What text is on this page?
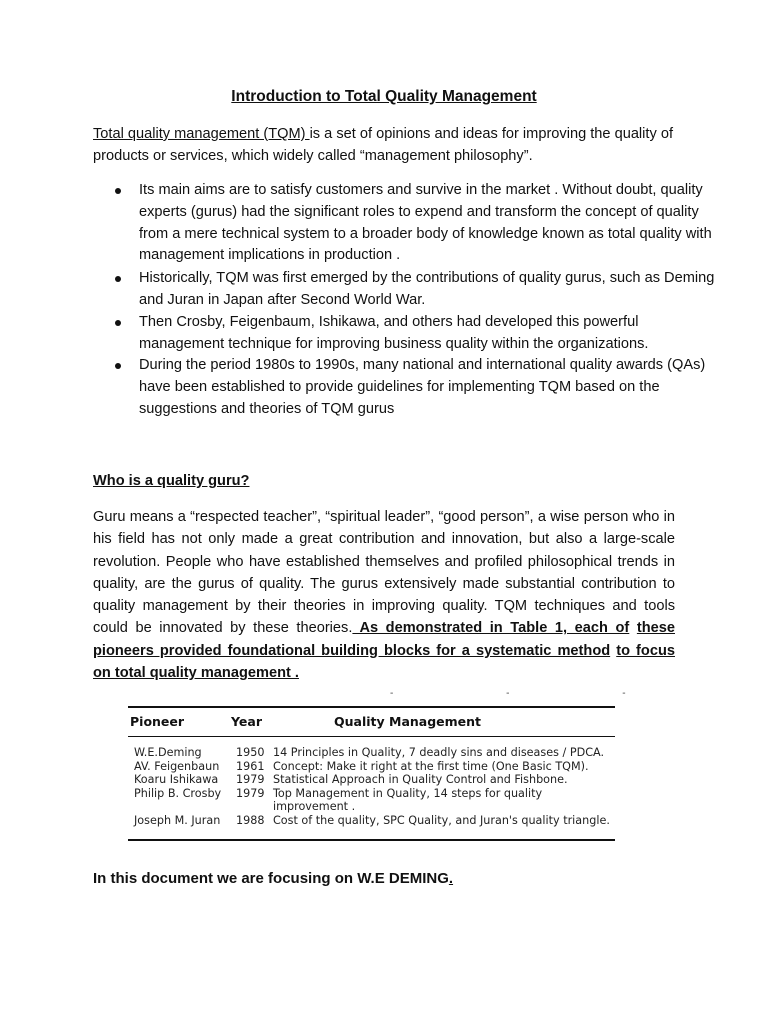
Introduction to Total Quality Management
Total quality management (TQM) is a set of opinions and ideas for improving the quality of products or services, which widely called “management philosophy”.
Its main aims are to satisfy customers and survive in the market . Without doubt, quality experts (gurus) had the significant roles to expend and transform the concept of quality from a mere technical system to a broader body of knowledge known as total quality with management implications in production .
Historically, TQM was first emerged by the contributions of quality gurus, such as Deming and Juran in Japan after Second World War.
Then Crosby, Feigenbaum, Ishikawa, and others had developed this powerful management technique for improving business quality within the organizations.
During the period 1980s to 1990s, many national and international quality awards (QAs) have been established to provide guidelines for implementing TQM based on the suggestions and theories of TQM gurus
Who is a quality guru?
Guru means a “respected teacher”, “spiritual leader”, “good person”, a wise person who in his field has not only made a great contribution and innovation, but also a large-scale revolution. People who have established themselves and profiled philosophical trends in quality, are the gurus of quality. The gurus extensively made substantial contribution to quality management by their theories in improving quality. TQM techniques and tools could be innovated by these theories. As demonstrated in Table 1, each of these pioneers provided foundational building blocks for a systematic method to focus on total quality management .
- - -
Pioneer	Year	Quality Management
W.E.Deming	1950 14 Principles in Quality, 7 deadly sins and diseases / PDCA.
AV. Feigenbaun 1961 Concept: Make it right at the first time (One Basic TQM).
Koaru Ishikawa 1979 Statistical Approach in Quality Control and Fishbone.
Philip B. Crosby 1979 Top Management in Quality, 14 steps for quality
improvement .
Joseph M. Juran 1988 Cost of the quality, SPC Quality, and Juran's quality triangle.
In this document we are focusing on W.E DEMING.
